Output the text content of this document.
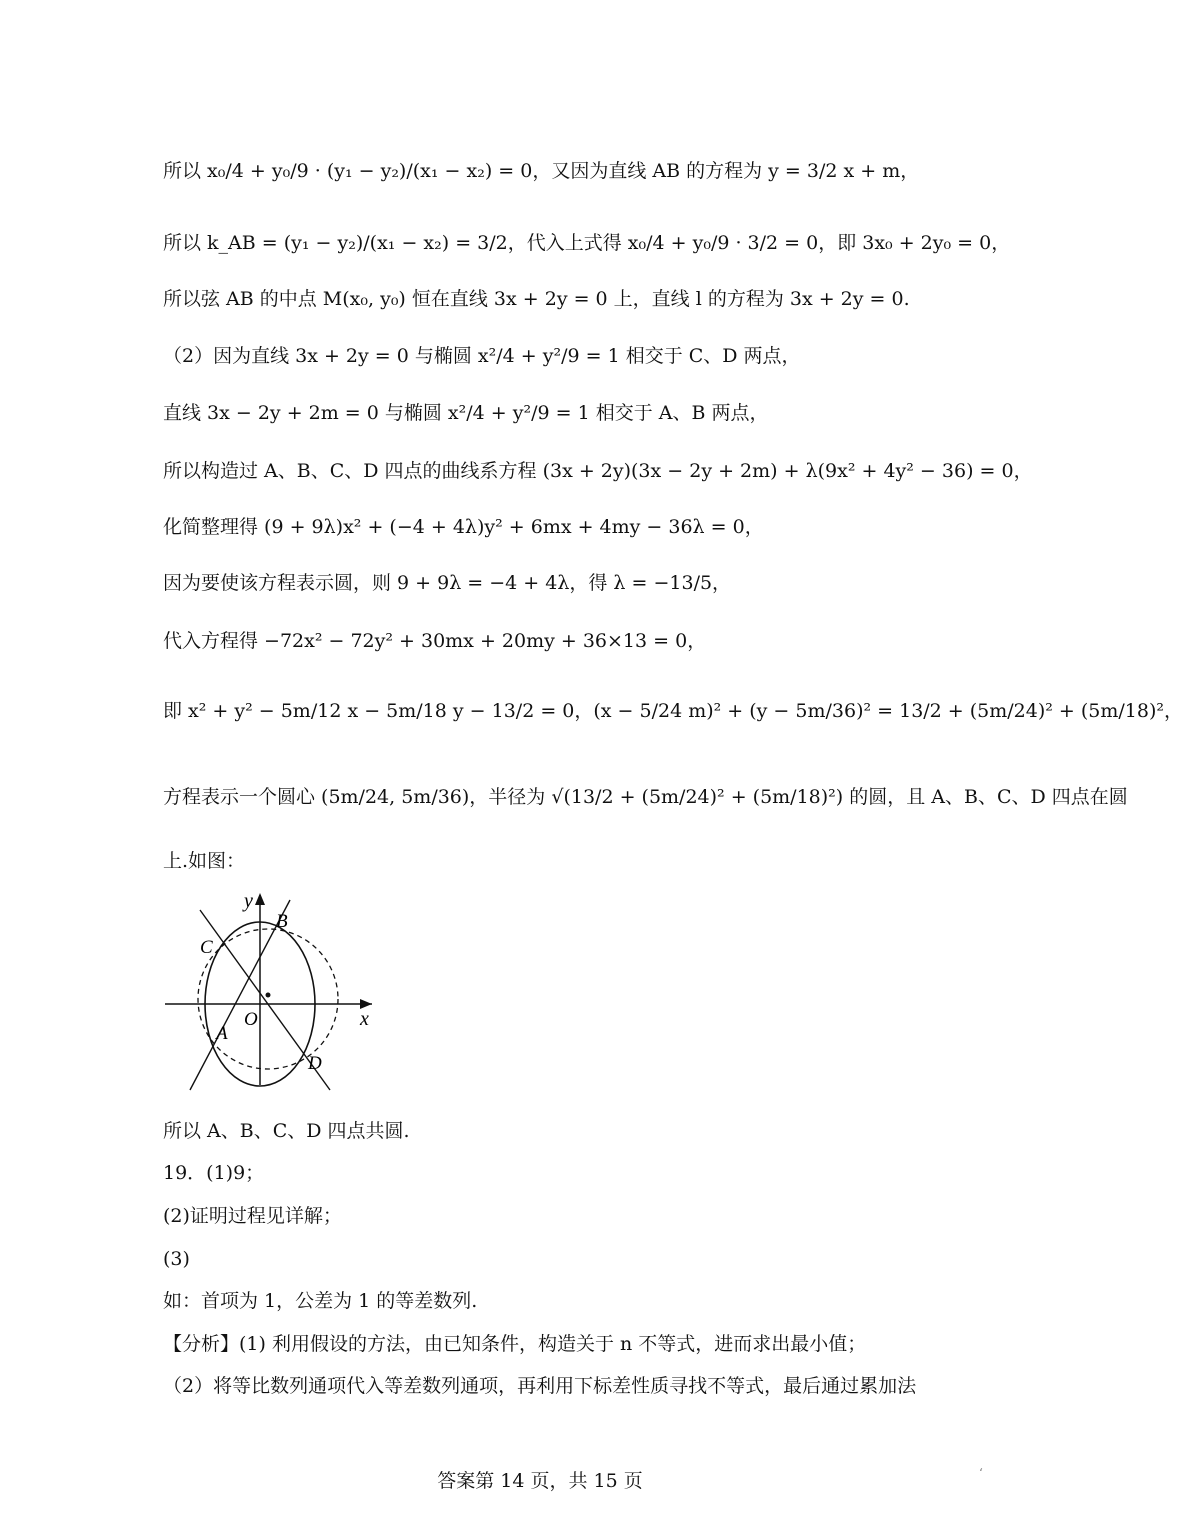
所以 x₀/4 + y₀/9 · (y₁ − y₂)/(x₁ − x₂) = 0，又因为直线 AB 的方程为 y = 3/2 x + m，
所以 k_AB = (y₁ − y₂)/(x₁ − x₂) = 3/2，代入上式得 x₀/4 + y₀/9 · 3/2 = 0，即 3x₀ + 2y₀ = 0，
所以弦 AB 的中点 M(x₀, y₀) 恒在直线 3x + 2y = 0 上，直线 l 的方程为 3x + 2y = 0.
（2）因为直线 3x + 2y = 0 与椭圆 x²/4 + y²/9 = 1 相交于 C、D 两点，
直线 3x − 2y + 2m = 0 与椭圆 x²/4 + y²/9 = 1 相交于 A、B 两点，
所以构造过 A、B、C、D 四点的曲线系方程 (3x + 2y)(3x − 2y + 2m) + λ(9x² + 4y² − 36) = 0，
化简整理得 (9 + 9λ)x² + (−4 + 4λ)y² + 6mx + 4my − 36λ = 0，
因为要使该方程表示圆，则 9 + 9λ = −4 + 4λ，得 λ = −13/5，
代入方程得 −72x² − 72y² + 30mx + 20my + 36×13 = 0，
即 x² + y² − 5m/12 x − 5m/18 y − 13/2 = 0，(x − 5/24 m)² + (y − 5m/36)² = 13/2 + (5m/24)² + (5m/18)²，
方程表示一个圆心 (5m/24, 5m/36)，半径为 √(13/2 + (5m/24)² + (5m/18)²) 的圆，且 A、B、C、D 四点在圆
上.如图：
y
x
O
A
B
C
D
所以 A、B、C、D 四点共圆.
19．(1)9；
(2)证明过程见详解；
(3)
如：首项为 1，公差为 1 的等差数列.
【分析】(1) 利用假设的方法，由已知条件，构造关于 n 不等式，进而求出最小值；
（2）将等比数列通项代入等差数列通项，再利用下标差性质寻找不等式，最后通过累加法
答案第 14 页，共 15 页	ʻ
